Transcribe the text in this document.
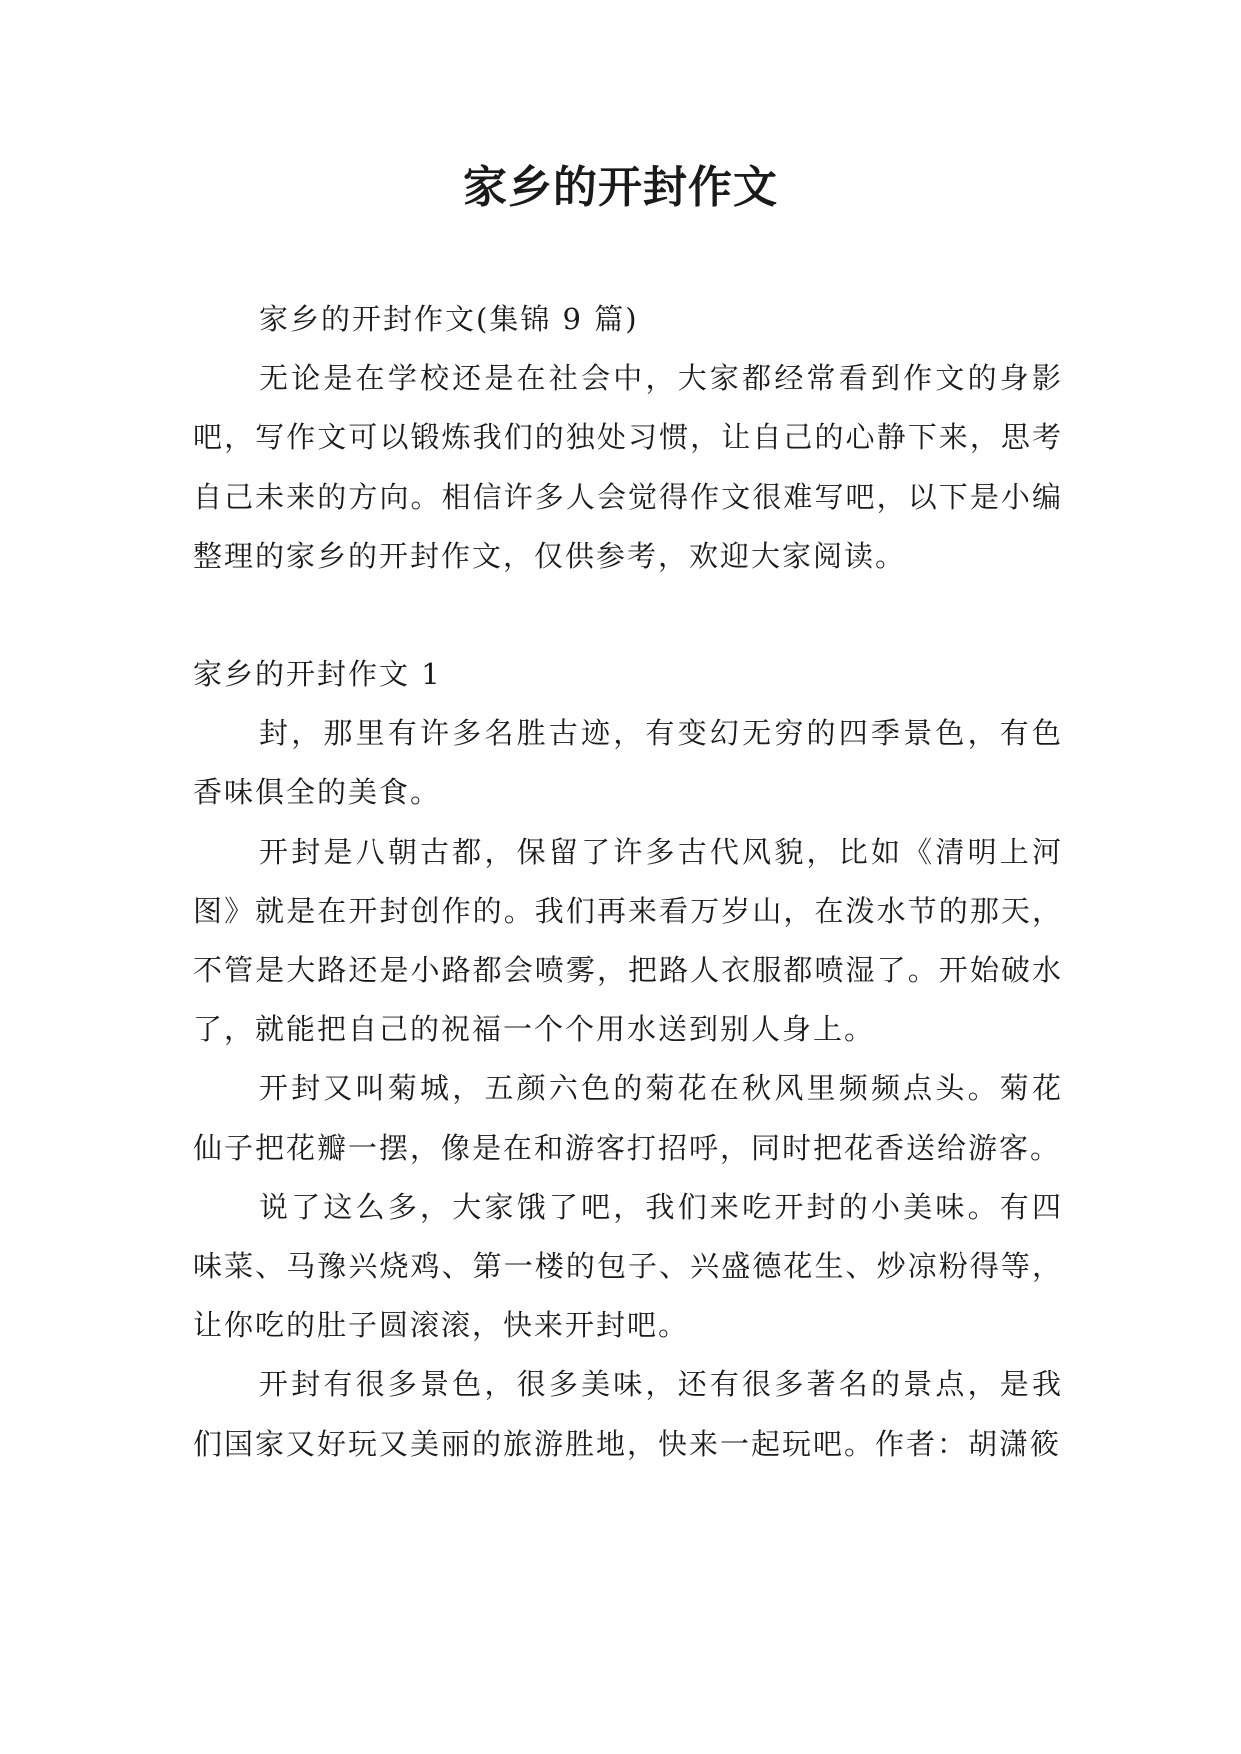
家乡的开封作文

家乡的开封作文(集锦 9 篇)

无论是在学校还是在社会中，大家都经常看到作文的身影吧，写作文可以锻炼我们的独处习惯，让自己的心静下来，思考自己未来的方向。相信许多人会觉得作文很难写吧，以下是小编整理的家乡的开封作文，仅供参考，欢迎大家阅读。

家乡的开封作文 1

封，那里有许多名胜古迹，有变幻无穷的四季景色，有色香味俱全的美食。

开封是八朝古都，保留了许多古代风貌，比如《清明上河图》就是在开封创作的。我们再来看万岁山，在泼水节的那天，不管是大路还是小路都会喷雾，把路人衣服都喷湿了。开始破水了，就能把自己的祝福一个个用水送到别人身上。

开封又叫菊城，五颜六色的菊花在秋风里频频点头。菊花仙子把花瓣一摆，像是在和游客打招呼，同时把花香送给游客。

说了这么多，大家饿了吧，我们来吃开封的小美味。有四味菜、马豫兴烧鸡、第一楼的包子、兴盛德花生、炒凉粉得等，让你吃的肚子圆滚滚，快来开封吧。

开封有很多景色，很多美味，还有很多著名的景点，是我们国家又好玩又美丽的旅游胜地，快来一起玩吧。作者：胡潇筱
